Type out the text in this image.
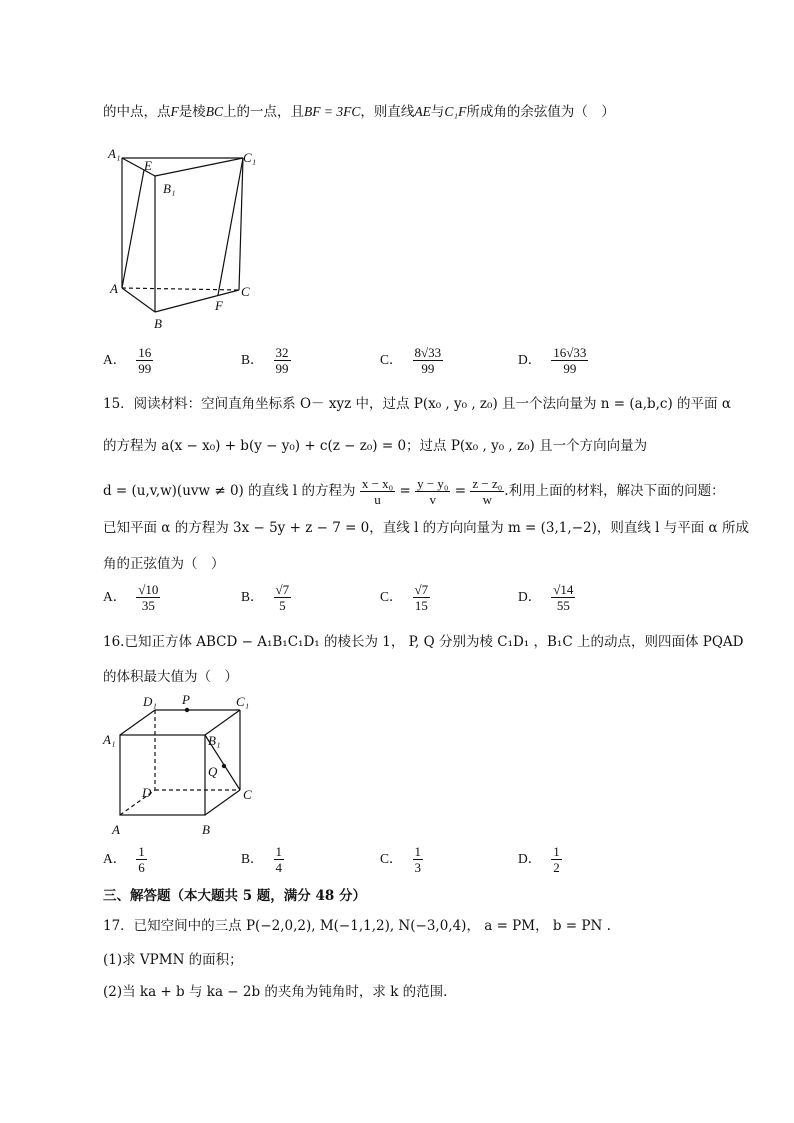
的中点，点F是棱BC上的一点，且BF = 3FC，则直线AE与C₁F所成角的余弦值为（　）
A₁
E
C₁
B₁
A	C
F
B
A． $\frac{16}{99}$	B． $\frac{32}{99}$	C． $\frac{8√33}{99}$	D． $\frac{16√33}{99}$
15．阅读材料：空间直角坐标系 O－ xyz 中，过点 P(x₀ , y₀ , z₀) 且一个法向量为 n = (a,b,c) 的平面 α
的方程为 a(x − x₀) + b(y − y₀) + c(z − z₀) = 0；过点 P(x₀ , y₀ , z₀) 且一个方向向量为
d = (u,v,w)(uvw ≠ 0) 的直线 l 的方程为 $\frac{\text{x − x₀}}{u} = \frac{\text{y − y₀}}{v} = \frac{\text{z − z₀}}{w}$ .利用上面的材料，解决下面的问题：
已知平面 α 的方程为 3x − 5y + z − 7 = 0，直线 l 的方向向量为 m = (3,1,−2)，则直线 l 与平面 α 所成
角的正弦值为（　）
A． $\frac{√10}{35}$	B． $\frac{√7}{5}$	C． $\frac{√7}{15}$	D． $\frac{√14}{55}$
16.已知正方体 ABCD − A₁B₁C₁D₁ 的棱长为 1， P, Q 分别为棱 C₁D₁ ，B₁C 上的动点，则四面体 PQAD
的体积最大值为（　）
D₁ P	C₁
A₁	B₁
Q
D	C
A	B
A． $\frac{1}{6}$	B． $\frac{1}{4}$	C． $\frac{1}{3}$	D． $\frac{1}{2}$
三、解答题（本大题共 5 题，满分 48 分）
17．已知空间中的三点 P(−2,0,2), M(−1,1,2), N(−3,0,4)， a = PM， b = PN .
(1)求 VPMN 的面积；
(2)当 ka + b 与 ka − 2b 的夹角为钝角时，求 k 的范围.
